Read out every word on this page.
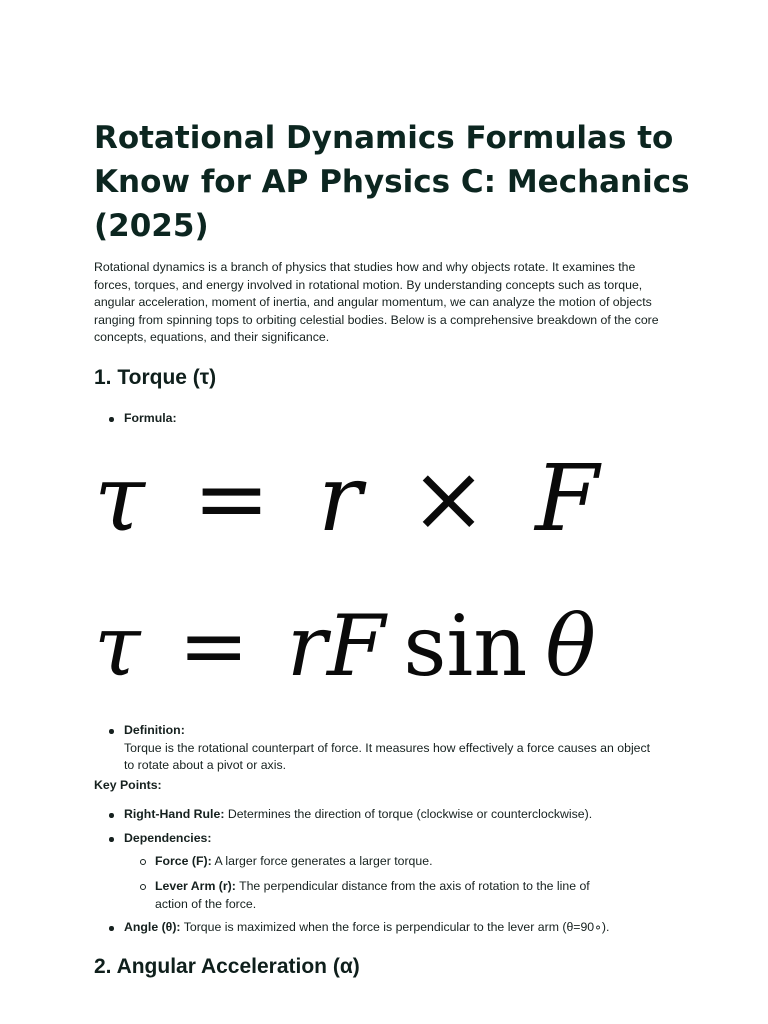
Rotational Dynamics Formulas to Know for AP Physics C: Mechanics (2025)

Rotational dynamics is a branch of physics that studies how and why objects rotate. It examines the forces, torques, and energy involved in rotational motion. By understanding concepts such as torque, angular acceleration, moment of inertia, and angular momentum, we can analyze the motion of objects ranging from spinning tops to orbiting celestial bodies. Below is a comprehensive breakdown of the core concepts, equations, and their significance.

1. Torque (τ)
Formula:
τ = r × F
τ = rF sin θ
Definition:
Torque is the rotational counterpart of force. It measures how effectively a force causes an object to rotate about a pivot or axis.
Key Points:
Right-Hand Rule: Determines the direction of torque (clockwise or counterclockwise).
Dependencies:
Force (F): A larger force generates a larger torque.
Lever Arm (r): The perpendicular distance from the axis of rotation to the line of action of the force.
Angle (θ): Torque is maximized when the force is perpendicular to the lever arm (θ=90∘).
2. Angular Acceleration (α)
